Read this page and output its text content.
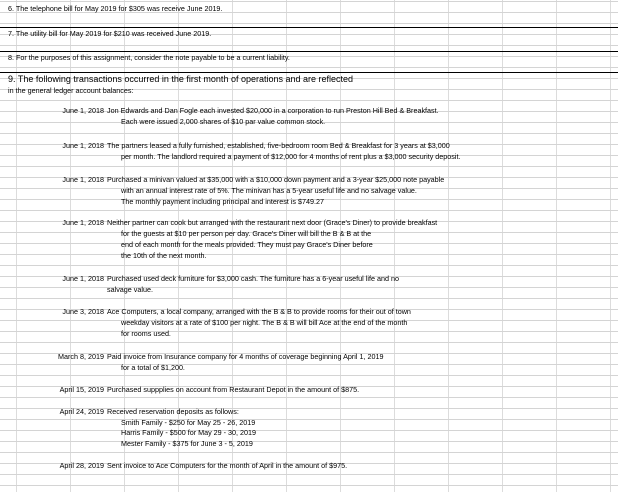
6. The telephone bill for May 2019 for $305 was receive June 2019.
7. The utility bill for May 2019 for $210 was received June 2019.
8. For the purposes of this assignment, consider the note payable to be a current liability.
9. The following transactions occurred in the first month of operations and are reflected
in the general ledger account balances:
June 1, 2018 Jon Edwards and Dan Fogle each invested $20,000 in a corporation to run Preston Hill Bed & Breakfast.
Each were issued 2,000 shares of $10 par value common stock.
June 1, 2018 The partners leased a fully furnished, established, five-bedroom room Bed & Breakfast for 3 years at $3,000
per month. The landlord required a payment of $12,000 for 4 months of rent plus a $3,000 security deposit.
June 1, 2018 Purchased a minivan valued at $35,000 with a $10,000 down payment and a 3-year $25,000 note payable
with an annual interest rate of 5%. The minivan has a 5-year useful life and no salvage value.
The monthly payment including principal and interest is $749.27
June 1, 2018 Neither partner can cook but arranged with the restaurant next door (Grace's Diner) to provide breakfast
for the guests at $10 per person per day. Grace's Diner will bill the B & B at the
end of each month for the meals provided. They must pay Grace's Diner before
the 10th of the next month.
June 1, 2018 Purchased used deck furniture for $3,000 cash. The furniture has a 6-year useful life and no
salvage value.
June 3, 2018 Ace Computers, a local company, arranged with the B & B to provide rooms for their out of town
weekday visitors at a rate of $100 per night. The B & B will bill Ace at the end of the month
for rooms used.
March 8, 2019 Paid invoice from Insurance company for 4 months of coverage beginning April 1, 2019
for a total of $1,200.
April 15, 2019 Purchased suppplies on account from Restaurant Depot in the amount of $875.
April 24, 2019 Received reservation deposits as follows:
Smith Family - $250 for May 25 - 26, 2019
Harris Family - $500 for May 29 - 30, 2019
Mester Family - $375 for June 3 - 5, 2019
April 28, 2019 Sent invoice to Ace Computers for the month of April in the amount of $975.
